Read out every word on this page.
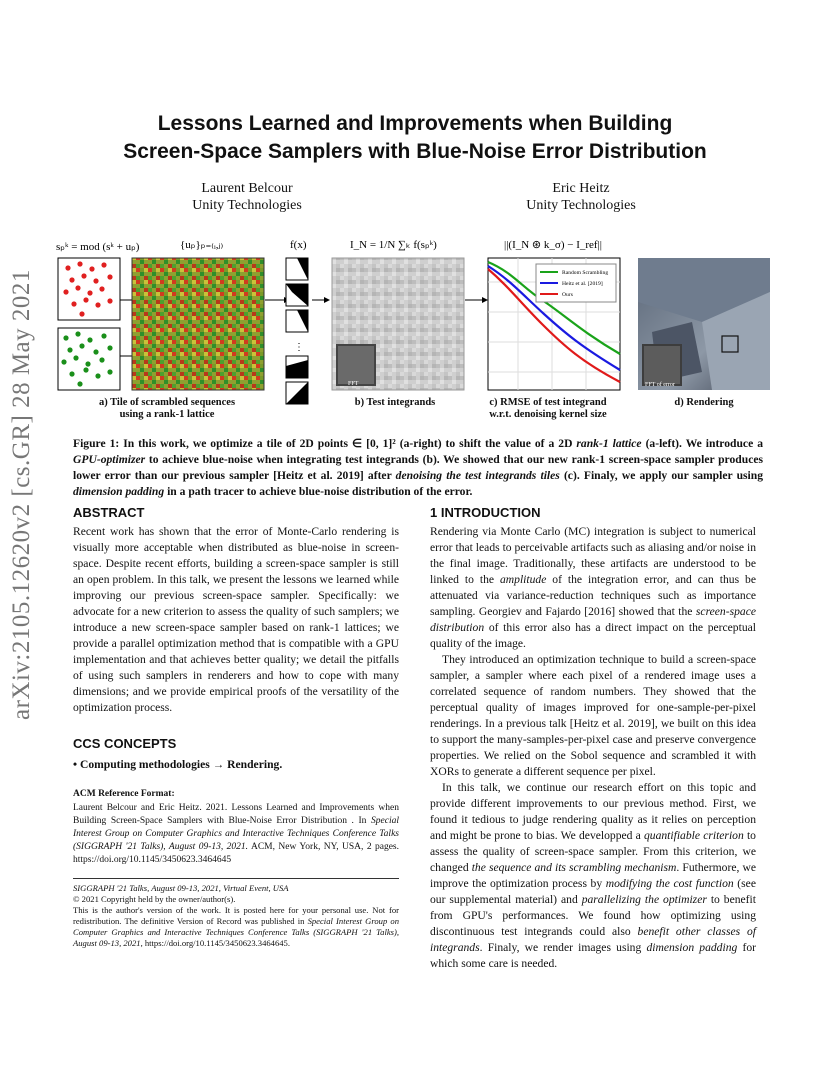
arXiv:2105.12620v2 [cs.GR] 28 May 2021
Lessons Learned and Improvements when Building
Screen-Space Samplers with Blue-Noise Error Distribution
Laurent Belcour
Unity Technologies
Eric Heitz
Unity Technologies
sₚᵏ = mod (sᵏ + uₚ)	{uₚ}ₚ₌₍ᵢ,ⱼ₎	f(x)
⋮
I_N = 1/N ∑ₖ f(sₚᵏ)
FFT
||(I_N ⊛ k_σ) − I_ref||
Random Scrambling
Heitz et al. [2019]
Ours
FFT of error
a) Tile of scrambled sequences
using a rank-1 lattice
b) Test integrands	c) RMSE of test integrand
w.r.t. denoising kernel size
d) Rendering
Figure 1: In this work, we optimize a tile of 2D points ∈ [0, 1]² (a-right) to shift the value of a 2D rank-1 lattice (a-left). We introduce a GPU-optimizer to achieve blue-noise when integrating test integrands (b). We showed that our new rank-1 screen-space sampler produces lower error than our previous sampler [Heitz et al. 2019] after denoising the test integrands tiles (c). Finaly, we apply our sampler using dimension padding in a path tracer to achieve blue-noise distribution of the error.
ABSTRACT
Recent work has shown that the error of Monte-Carlo rendering is visually more acceptable when distributed as blue-noise in screen-space. Despite recent efforts, building a screen-space sampler is still an open problem. In this talk, we present the lessons we learned while improving our previous screen-space sampler. Specifically: we advocate for a new criterion to assess the quality of such samplers; we introduce a new screen-space sampler based on rank-1 lattices; we provide a parallel optimization method that is compatible with a GPU implementation and that achieves better quality; we detail the pitfalls of using such samplers in renderers and how to cope with many dimensions; and we provide empirical proofs of the versatility of the optimization process.
CCS CONCEPTS
• Computing methodologies → Rendering.
ACM Reference Format:
Laurent Belcour and Eric Heitz. 2021. Lessons Learned and Improvements when Building Screen-Space Samplers with Blue-Noise Error Distribution . In Special Interest Group on Computer Graphics and Interactive Techniques Conference Talks (SIGGRAPH '21 Talks), August 09-13, 2021. ACM, New York, NY, USA, 2 pages. https://doi.org/10.1145/3450623.3464645
SIGGRAPH '21 Talks, August 09-13, 2021, Virtual Event, USA
© 2021 Copyright held by the owner/author(s).
This is the author's version of the work. It is posted here for your personal use. Not for redistribution. The definitive Version of Record was published in Special Interest Group on Computer Graphics and Interactive Techniques Conference Talks (SIGGRAPH '21 Talks), August 09-13, 2021, https://doi.org/10.1145/3450623.3464645.
1 INTRODUCTION
Rendering via Monte Carlo (MC) integration is subject to numerical error that leads to perceivable artifacts such as aliasing and/or noise in the final image. Traditionally, these artifacts are understood to be linked to the amplitude of the integration error, and can thus be attenuated via variance-reduction techniques such as importance sampling. Georgiev and Fajardo [2016] showed that the screen-space distribution of this error also has a direct impact on the perceptual quality of the image.
They introduced an optimization technique to build a screen-space sampler, a sampler where each pixel of a rendered image uses a correlated sequence of random numbers. They showed that the perceptual quality of images improved for one-sample-per-pixel renderings. In a previous talk [Heitz et al. 2019], we built on this idea to support the many-samples-per-pixel case and preserve convergence properties. We relied on the Sobol sequence and scrambled it with XORs to generate a different sequence per pixel.
In this talk, we continue our research effort on this topic and provide different improvements to our previous method. First, we found it tedious to judge rendering quality as it relies on perception and might be prone to bias. We developped a quantifiable criterion to assess the quality of screen-space sampler. From this criterion, we changed the sequence and its scrambling mechanism. Futhermore, we improve the optimization process by modifying the cost function (see our supplemental material) and parallelizing the optimizer to benefit from GPU's performances. We found how optimizing using discontinuous test integrands could also benefit other classes of integrands. Finaly, we render images using dimension padding for which some care is needed.
